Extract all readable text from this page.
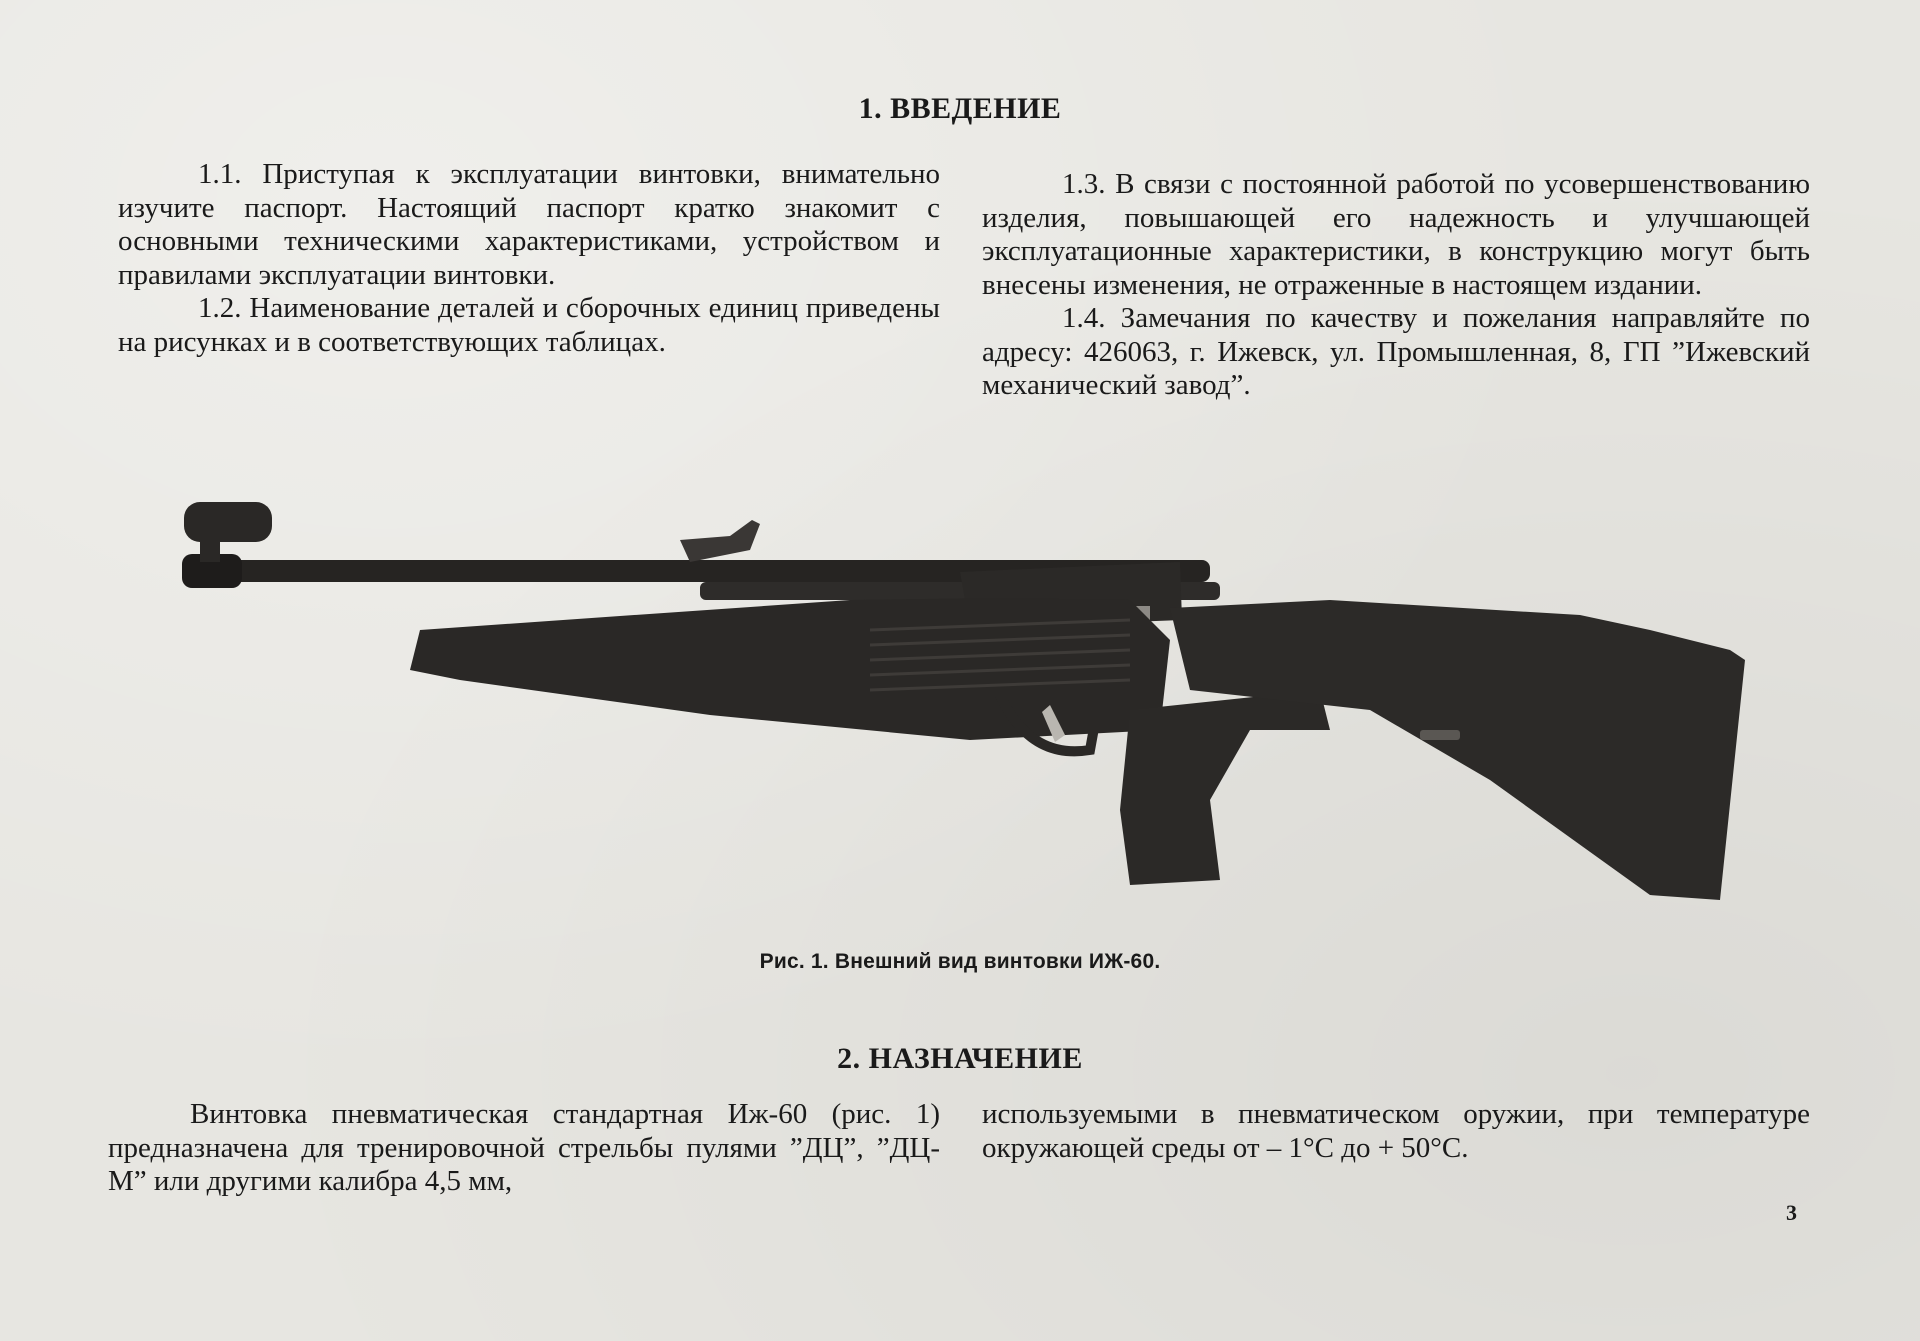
1. ВВЕДЕНИЕ

1.1. Приступая к эксплуатации винтовки, внимательно изучите паспорт. Настоящий паспорт кратко знакомит с основными техническими характеристиками, устройством и правилами эксплуатации винтовки.

1.2. Наименование деталей и сборочных единиц приведены на рисунках и в соответствующих таблицах.

1.3. В связи с постоянной работой по усовершенствованию изделия, повышающей его надежность и улучшающей эксплуатационные характеристики, в конструкцию могут быть внесены изменения, не отраженные в настоящем издании.

1.4. Замечания по качеству и пожелания направляйте по адресу: 426063, г. Ижевск, ул. Промышленная, 8, ГП ”Ижевский механический завод”.

Рис. 1. Внешний вид винтовки ИЖ-60.
2. НАЗНАЧЕНИЕ

Винтовка пневматическая стандартная Иж-60 (рис. 1) предназначена для тренировочной стрельбы пулями ”ДЦ”, ”ДЦ-М” или другими калибра 4,5 мм,

используемыми в пневматическом оружии, при температуре окружающей среды от – 1°С до + 50°С.

3
